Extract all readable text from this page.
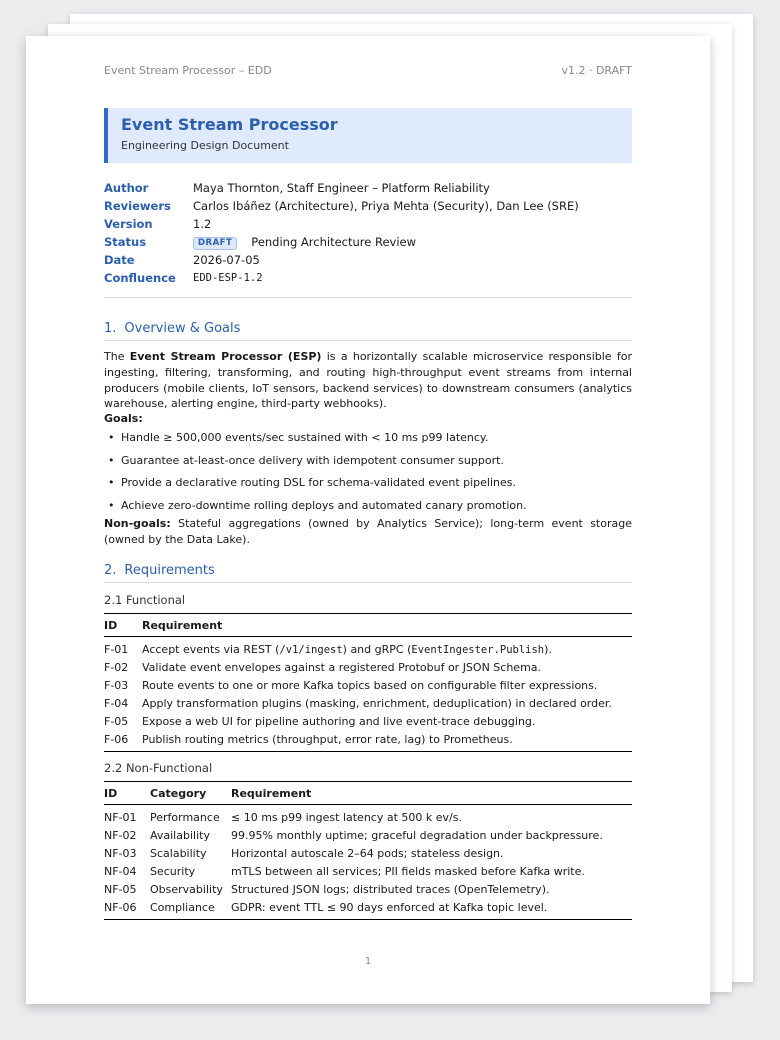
Event Stream Processor – EDD	v1.2 · DRAFT
Event Stream Processor
Engineering Design Document
Author	Maya Thornton, Staff Engineer – Platform Reliability
Reviewers Carlos Ibáñez (Architecture), Priya Mehta (Security), Dan Lee (SRE)
Version	1.2
Status	DRAFT Pending Architecture Review
Date	2026-07-05
Confluence EDD-ESP-1.2
1. Overview & Goals
The Event Stream Processor (ESP) is a horizontally scalable microservice responsible for ingesting, filtering, transforming, and routing high-throughput event streams from internal producers (mobile clients, IoT sensors, backend services) to downstream consumers (analytics warehouse, alerting engine, third-party webhooks).
Goals:
• Handle ≥ 500,000 events/sec sustained with < 10 ms p99 latency.
• Guarantee at-least-once delivery with idempotent consumer support.
• Provide a declarative routing DSL for schema-validated event pipelines.
• Achieve zero-downtime rolling deploys and automated canary promotion.
Non-goals: Stateful aggregations (owned by Analytics Service); long-term event storage (owned by the Data Lake).
2. Requirements
2.1 Functional
ID	Requirement
F-01	Accept events via REST (/v1/ingest) and gRPC (EventIngester.Publish).
F-02	Validate event envelopes against a registered Protobuf or JSON Schema.
F-03	Route events to one or more Kafka topics based on configurable filter expressions.
F-04	Apply transformation plugins (masking, enrichment, deduplication) in declared order.
F-05	Expose a web UI for pipeline authoring and live event-trace debugging.
F-06	Publish routing metrics (throughput, error rate, lag) to Prometheus.
2.2 Non-Functional
ID	Category	Requirement
NF-01	Performance	≤ 10 ms p99 ingest latency at 500 k ev/s.
NF-02	Availability	99.95% monthly uptime; graceful degradation under backpressure.
NF-03	Scalability	Horizontal autoscale 2–64 pods; stateless design.
NF-04	Security	mTLS between all services; PII fields masked before Kafka write.
NF-05	Observability	Structured JSON logs; distributed traces (OpenTelemetry).
NF-06	Compliance	GDPR: event TTL ≤ 90 days enforced at Kafka topic level.
1
